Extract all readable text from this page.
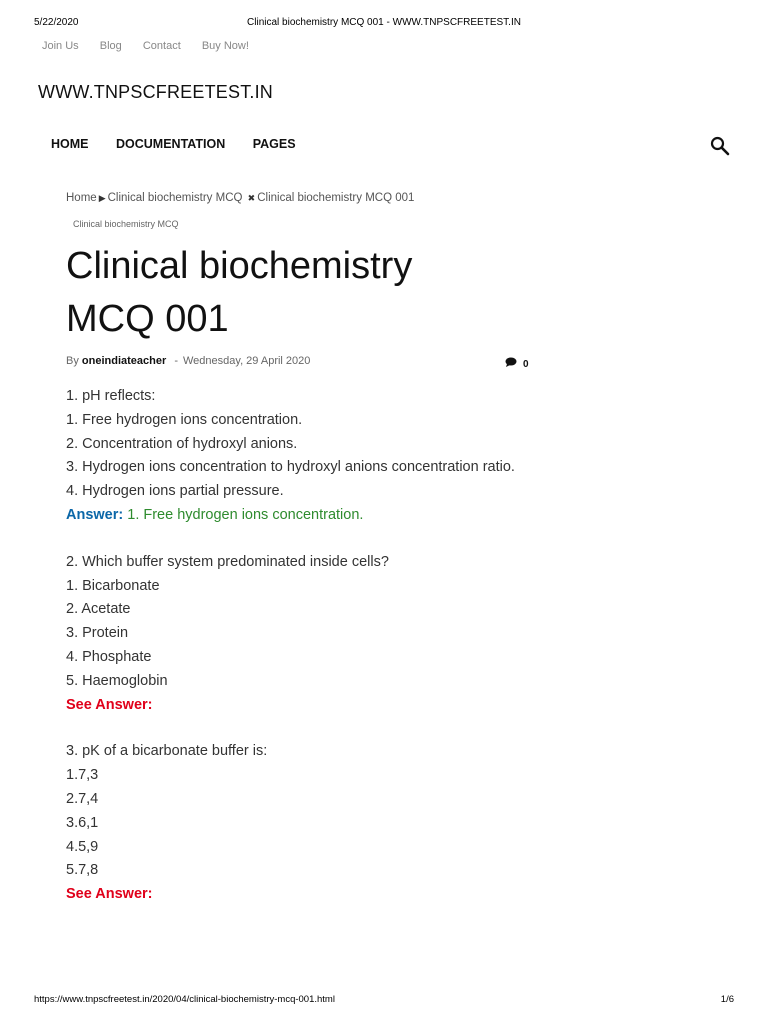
5/22/2020	Clinical biochemistry MCQ 001 - WWW.TNPSCFREETEST.IN
Join Us Blog Contact Buy Now!
WWW.TNPSCFREETEST.IN
HOME DOCUMENTATION PAGES
Home ▶ Clinical biochemistry MCQ ✖ Clinical biochemistry MCQ 001
Clinical biochemistry MCQ
Clinical biochemistry
MCQ 001
By oneindiateacher - Wednesday, 29 April 2020	0

1. pH reflects:

1. Free hydrogen ions concentration.

2. Concentration of hydroxyl anions.

3. Hydrogen ions concentration to hydroxyl anions concentration ratio.

4. Hydrogen ions partial pressure.

Answer: 1. Free hydrogen ions concentration.

2. Which buffer system predominated inside cells?

1. Bicarbonate

2. Acetate

3. Protein

4. Phosphate

5. Haemoglobin

See Answer:

3. pK of a bicarbonate buffer is:

1.7,3

2.7,4

3.6,1

4.5,9

5.7,8

See Answer:

https://www.tnpscfreetest.in/2020/04/clinical-biochemistry-mcq-001.html	1/6
